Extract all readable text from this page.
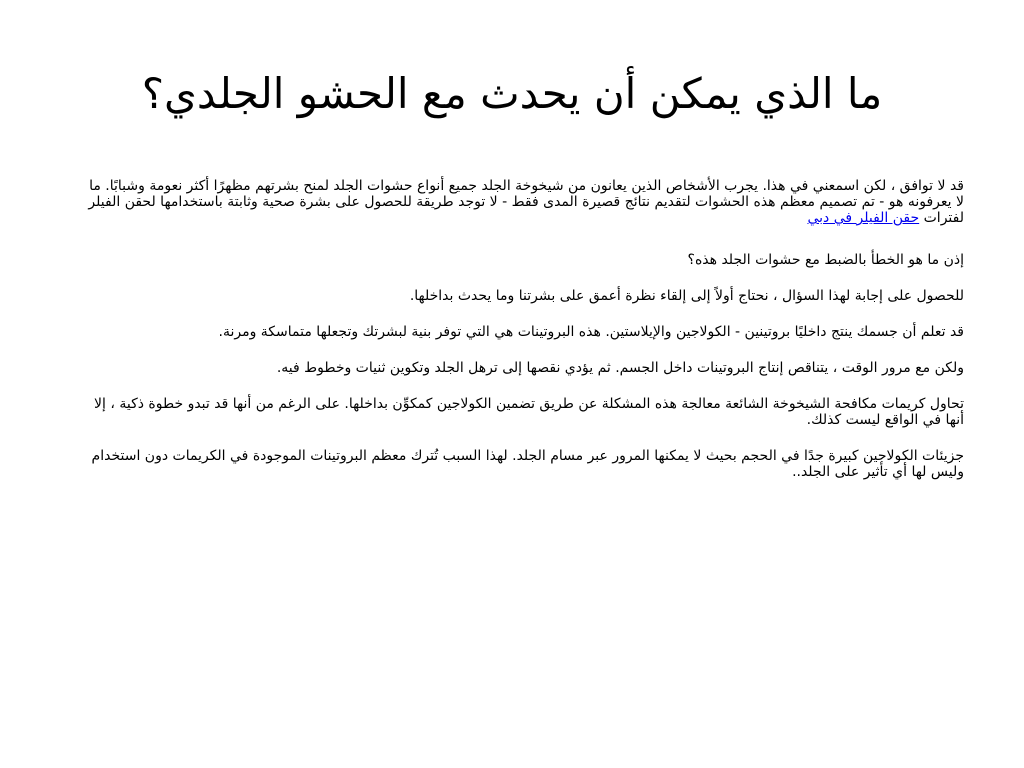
ما الذي يمكن أن يحدث مع الحشو الجلدي؟

قد لا توافق ، لكن اسمعني في هذا. يجرب الأشخاص الذين يعانون من شيخوخة الجلد جميع أنواع حشوات الجلد لمنح بشرتهم مظهرًا أكثر نعومة وشبابًا. ما لا يعرفونه هو - تم تصميم معظم هذه الحشوات لتقديم نتائج قصيرة المدى فقط - لا توجد طريقة للحصول على بشرة صحية وثابتة باستخدامها لحقن الفيلر لفترات حقن الفيلر في دبي

إذن ما هو الخطأ بالضبط مع حشوات الجلد هذه؟

للحصول على إجابة لهذا السؤال ، نحتاج أولاً إلى إلقاء نظرة أعمق على بشرتنا وما يحدث بداخلها.

قد تعلم أن جسمك ينتج داخليًا بروتينين - الكولاجين والإيلاستين. هذه البروتينات هي التي توفر بنية لبشرتك وتجعلها متماسكة ومرنة.

ولكن مع مرور الوقت ، يتناقص إنتاج البروتينات داخل الجسم. ثم يؤدي نقصها إلى ترهل الجلد وتكوين ثنيات وخطوط فيه.

تحاول كريمات مكافحة الشيخوخة الشائعة معالجة هذه المشكلة عن طريق تضمين الكولاجين كمكوِّن بداخلها. على الرغم من أنها قد تبدو خطوة ذكية ، إلا أنها في الواقع ليست كذلك.

جزيئات الكولاجين كبيرة جدًا في الحجم بحيث لا يمكنها المرور عبر مسام الجلد. لهذا السبب تُترك معظم البروتينات الموجودة في الكريمات دون استخدام وليس لها أي تأثير على الجلد..
